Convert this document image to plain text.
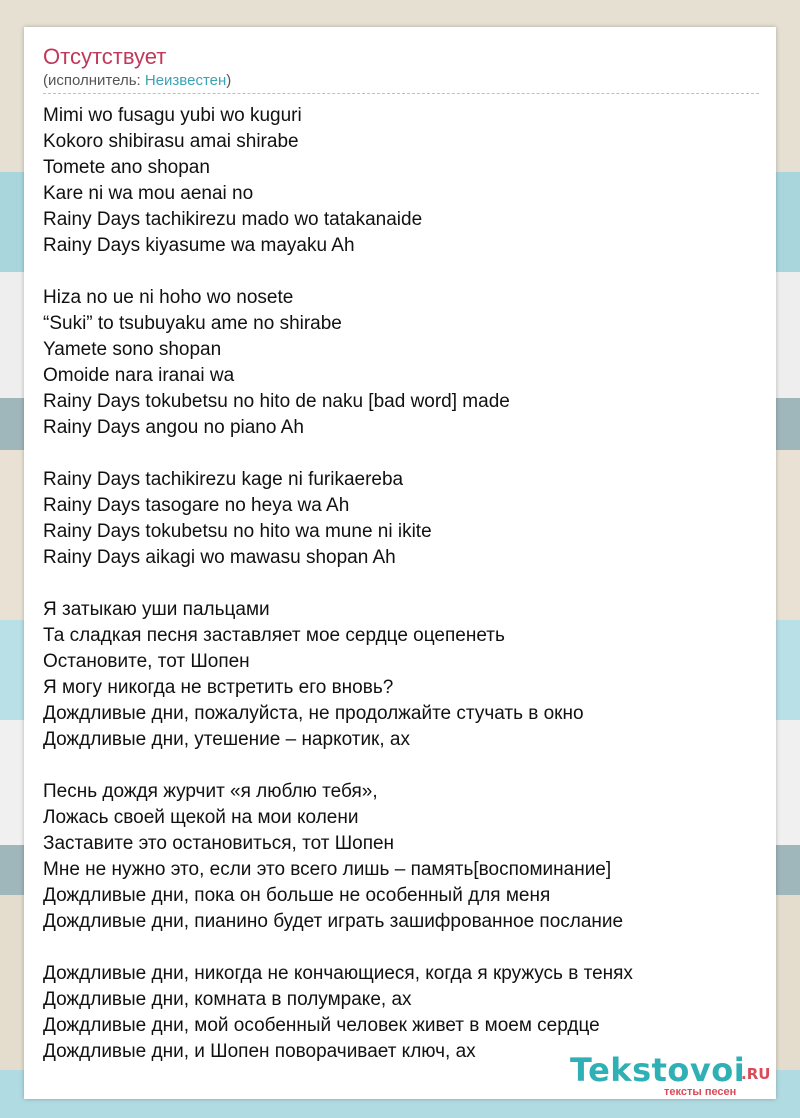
Отсутствует
(исполнитель: Неизвестен)
Mimi wo fusagu yubi wo kuguri
Kokoro shibirasu amai shirabe
Tomete ano shopan
Kare ni wa mou aenai no
Rainy Days tachikirezu mado wo tatakanaide
Rainy Days kiyasume wa mayaku Ah
Hiza no ue ni hoho wo nosete
“Suki” to tsubuyaku ame no shirabe
Yamete sono shopan
Omoide nara iranai wa
Rainy Days tokubetsu no hito de naku [bad word] made
Rainy Days angou no piano Ah
Rainy Days tachikirezu kage ni furikaereba
Rainy Days tasogare no heya wa Ah
Rainy Days tokubetsu no hito wa mune ni ikite
Rainy Days aikagi wo mawasu shopan Ah
Я затыкаю уши пальцами
Та сладкая песня заставляет мое сердце оцепенеть
Остановите, тот Шопен
Я могу никогда не встретить его вновь?
Дождливые дни, пожалуйста, не продолжайте стучать в окно
Дождливые дни, утешение – наркотик, ах
Песнь дождя журчит «я люблю тебя»,
Ложась своей щекой на мои колени
Заставите это остановиться, тот Шопен
Мне не нужно это, если это всего лишь – память[воспоминание]
Дождливые дни, пока он больше не особенный для меня
Дождливые дни, пианино будет играть зашифрованное послание
Дождливые дни, никогда не кончающиеся, когда я кружусь в тенях
Дождливые дни, комната в полумраке, ах
Дождливые дни, мой особенный человек живет в моем сердце
Дождливые дни, и Шопен поворачивает ключ, ах	Tekstovoi
.RU
тексты песен
